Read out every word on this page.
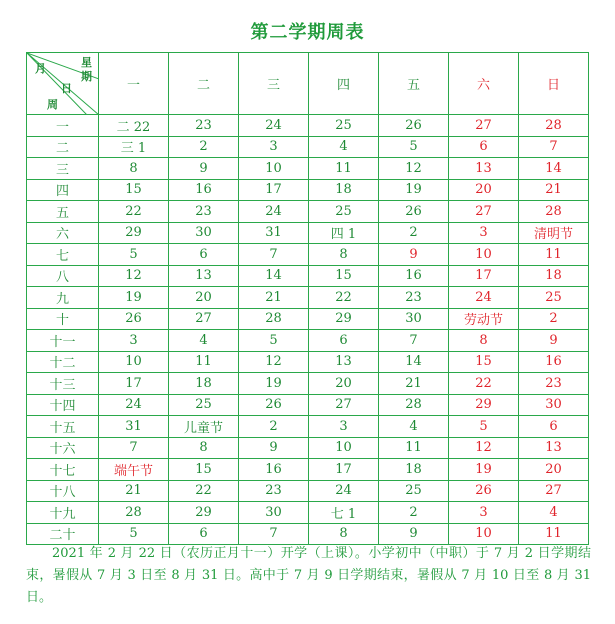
第二学期周表
月 星
期
日
周	一	二	三	四	五	六	日
一	二 22	23	24	25	26	27	28
二	三 1	2	3	4	5	6	7
三	8	9	10	11	12	13	14
四	15	16	17	18	19	20	21
五	22	23	24	25	26	27	28
六	29	30	31	四 1	2	3	清明节
七	5	6	7	8	9	10	11
八	12	13	14	15	16	17	18
九	19	20	21	22	23	24	25
十	26	27	28	29	30	劳动节	2
十一	3	4	5	6	7	8	9
十二	10	11	12	13	14	15	16
十三	17	18	19	20	21	22	23
十四	24	25	26	27	28	29	30
十五	31	儿童节	2	3	4	5	6
十六	7	8	9	10	11	12	13
十七	端午节	15	16	17	18	19	20
十八	21	22	23	24	25	26	27
十九	28	29	30	七 1	2	3	4
二十	5	6	7	8	9	10	11
2021 年 2 月 22 日（农历正月十一）开学（上课）。小学初中（中职）于 7 月 2 日学期结束，暑假从 7 月 3 日至 8 月 31 日。高中于 7 月 9 日学期结束，暑假从 7 月 10 日至 8 月 31 日。
